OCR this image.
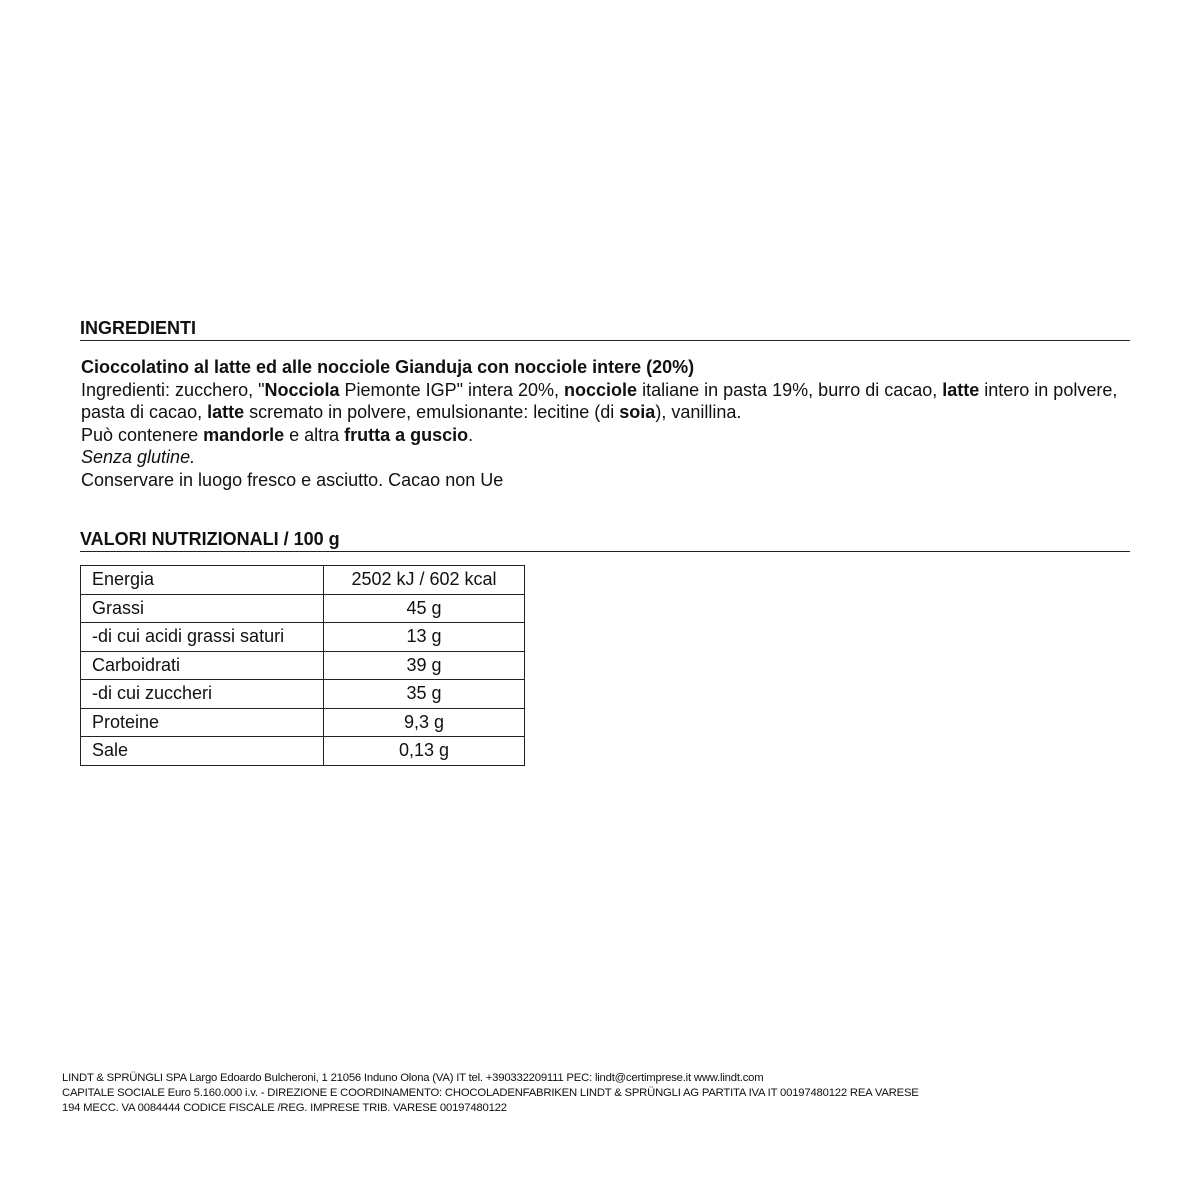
INGREDIENTI

Cioccolatino al latte ed alle nocciole Gianduja con nocciole intere (20%)

Ingredienti: zucchero, "Nocciola Piemonte IGP" intera 20%, nocciole italiane in pasta 19%, burro di cacao, latte intero in polvere, pasta di cacao, latte scremato in polvere, emulsionante: lecitine (di soia), vanillina.

Può contenere mandorle e altra frutta a guscio.

Senza glutine.

Conservare in luogo fresco e asciutto. Cacao non Ue

VALORI NUTRIZIONALI / 100 g
Energia	2502 kJ / 602 kcal
Grassi	45 g
-di cui acidi grassi saturi	13 g
Carboidrati	39 g
-di cui zuccheri	35 g
Proteine	9,3 g
Sale	0,13 g

LINDT & SPRÜNGLI SPA Largo Edoardo Bulcheroni, 1 21056 Induno Olona (VA) IT tel. +390332209111 PEC: lindt@certimprese.it www.lindt.com

CAPITALE SOCIALE Euro 5.160.000 i.v. - DIREZIONE E COORDINAMENTO: CHOCOLADENFABRIKEN LINDT & SPRÜNGLI AG PARTITA IVA IT 00197480122 REA VARESE

194 MECC. VA 0084444 CODICE FISCALE /REG. IMPRESE TRIB. VARESE 00197480122
